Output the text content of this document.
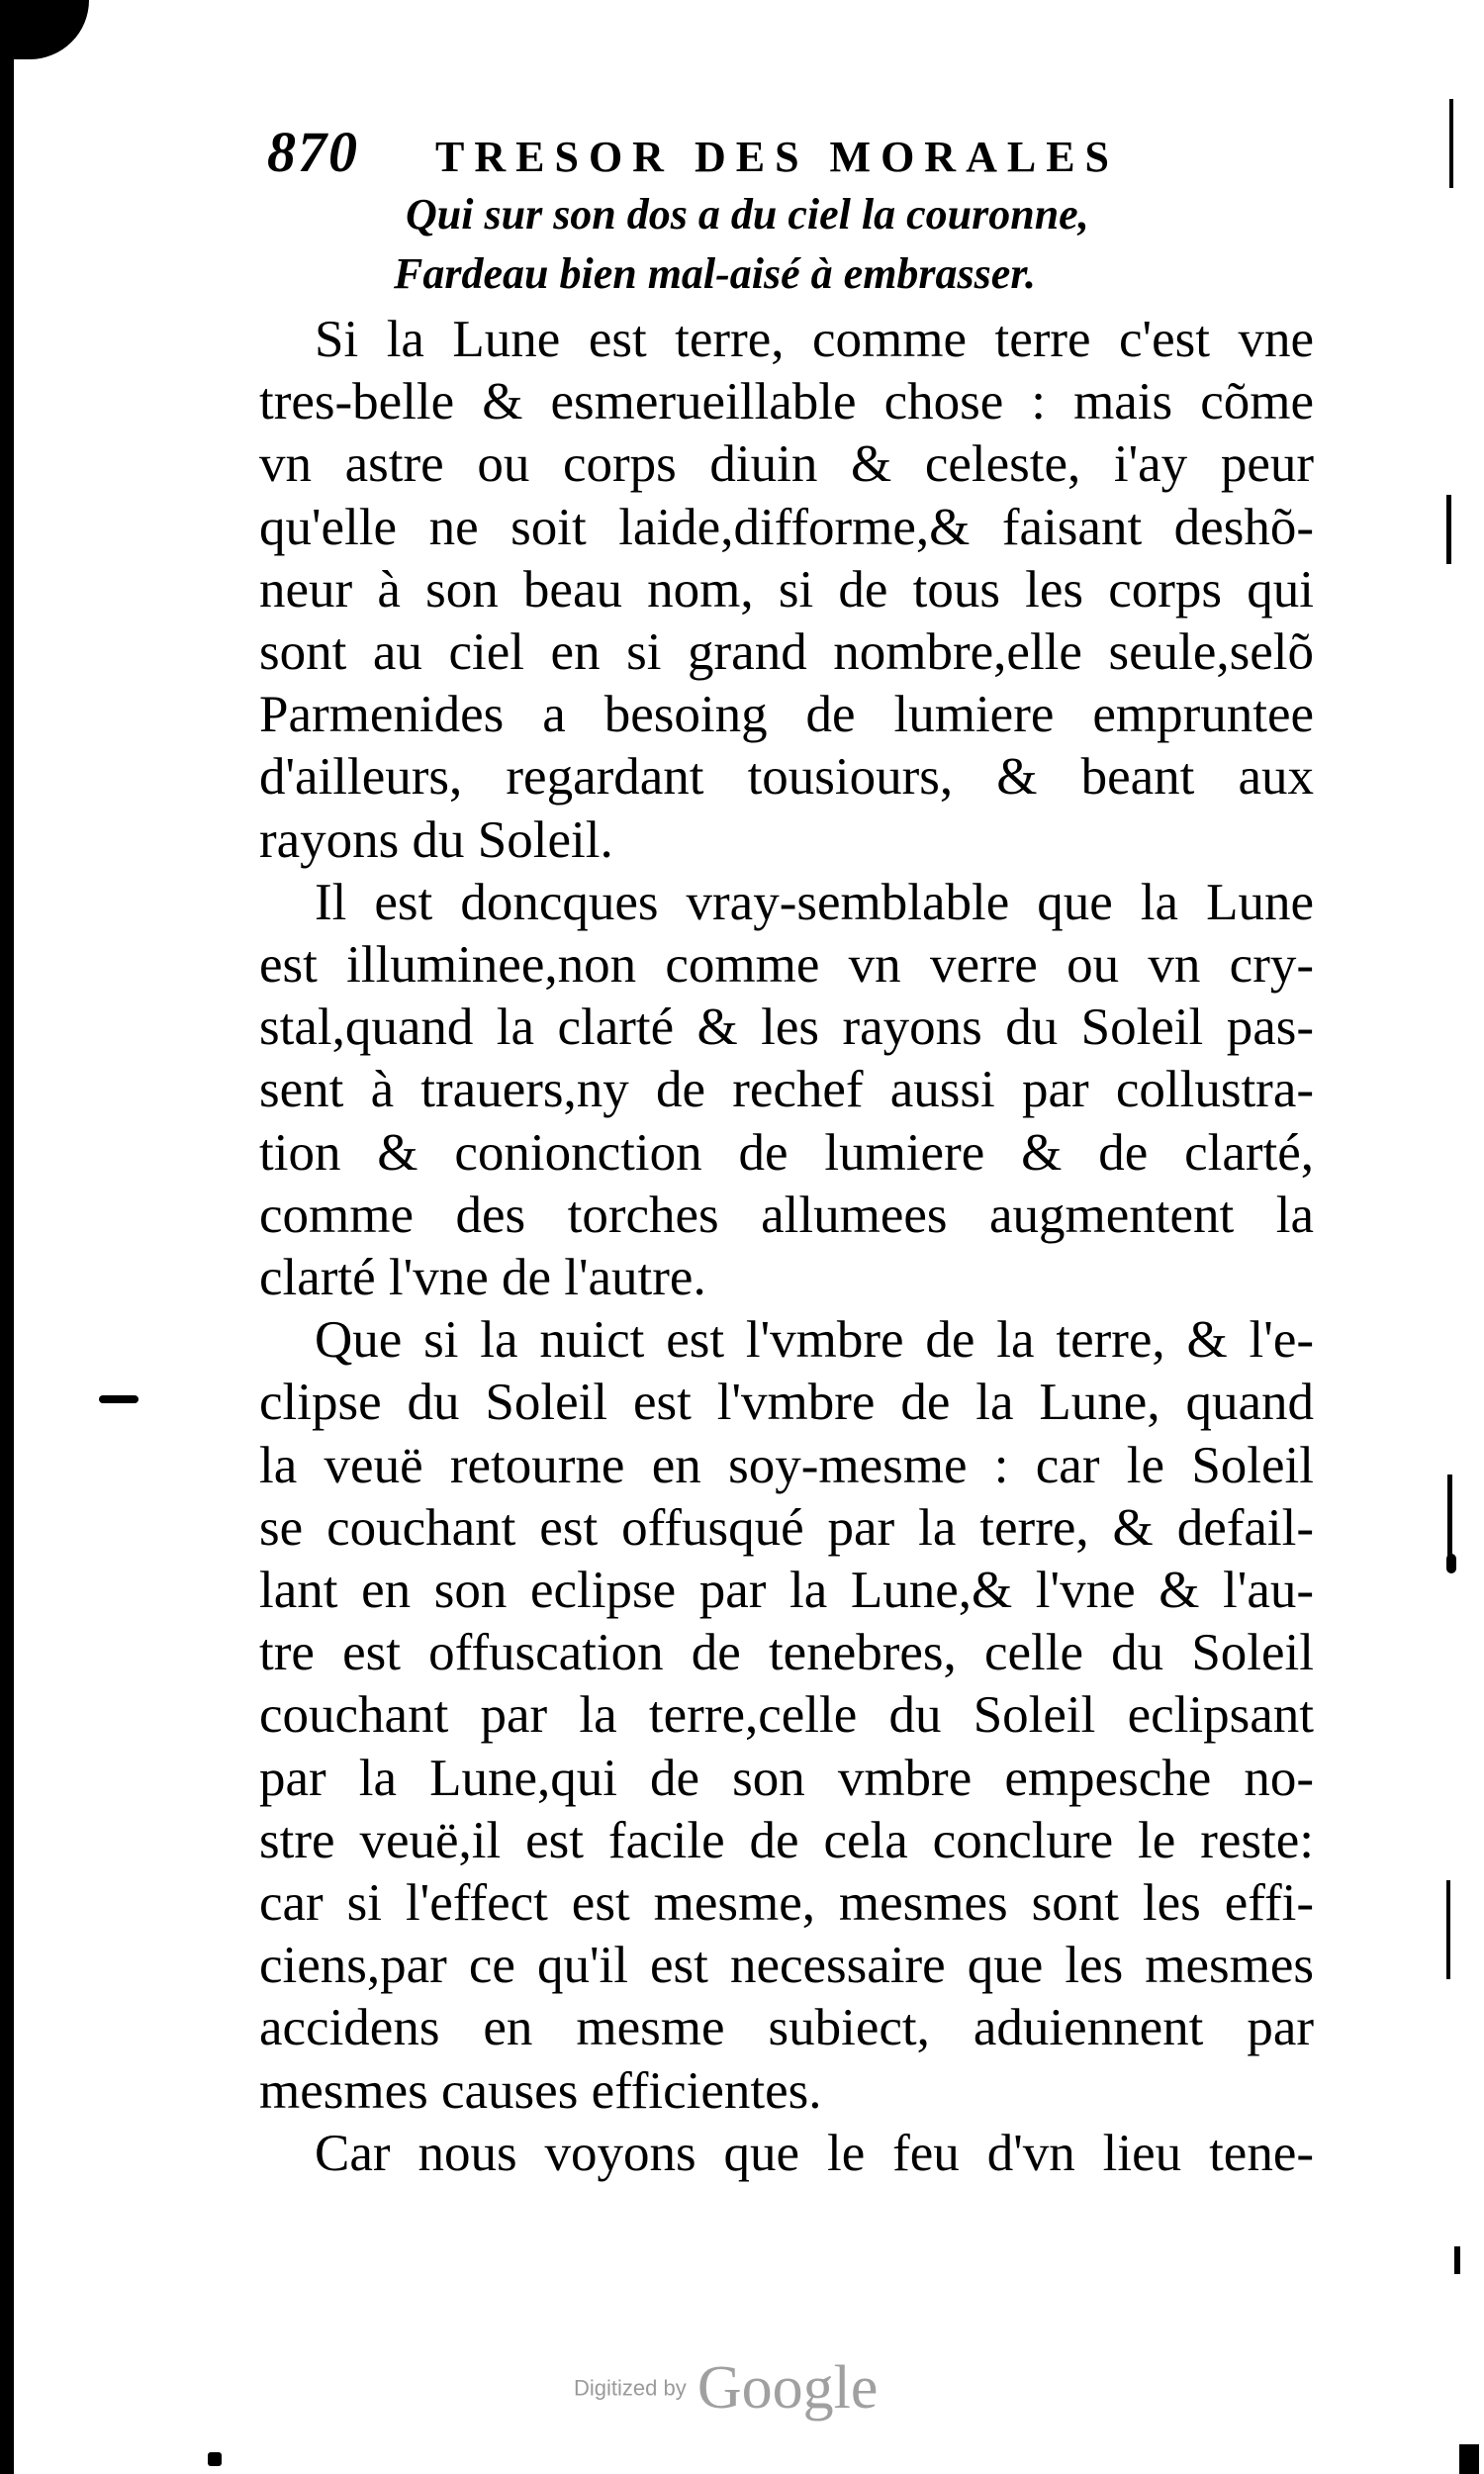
870 TRESOR DES MORALES
Qui sur son dos a du ciel la couronne,
Fardeau bien mal-aisé à embrasser.
Si la Lune est terre, comme terre c'est vne
tres-belle & esmerueillable chose : mais cõme
vn astre ou corps diuin & celeste, i'ay peur
qu'elle ne soit laide,difforme,& faisant deshõ-
neur à son beau nom, si de tous les corps qui
sont au ciel en si grand nombre,elle seule,selõ
Parmenides a besoing de lumiere empruntee
d'ailleurs, regardant tousiours, & beant aux
rayons du Soleil.
Il est doncques vray-semblable que la Lune
est illuminee,non comme vn verre ou vn cry-
stal,quand la clarté & les rayons du Soleil pas-
sent à trauers,ny de rechef aussi par collustra-
tion & conionction de lumiere & de clarté,
comme des torches allumees augmentent la
clarté l'vne de l'autre.
Que si la nuict est l'vmbre de la terre, & l'e-
clipse du Soleil est l'vmbre de la Lune, quand
la veuë retourne en soy-mesme : car le Soleil
se couchant est offusqué par la terre, & defail-
lant en son eclipse par la Lune,& l'vne & l'au-
tre est offuscation de tenebres, celle du Soleil
couchant par la terre,celle du Soleil eclipsant
par la Lune,qui de son vmbre empesche no-
stre veuë,il est facile de cela conclure le reste:
car si l'effect est mesme, mesmes sont les effi-
ciens,par ce qu'il est necessaire que les mesmes
accidens en mesme subiect, aduiennent par
mesmes causes efficientes.
Car nous voyons que le feu d'vn lieu tene-
Digitized by Google
